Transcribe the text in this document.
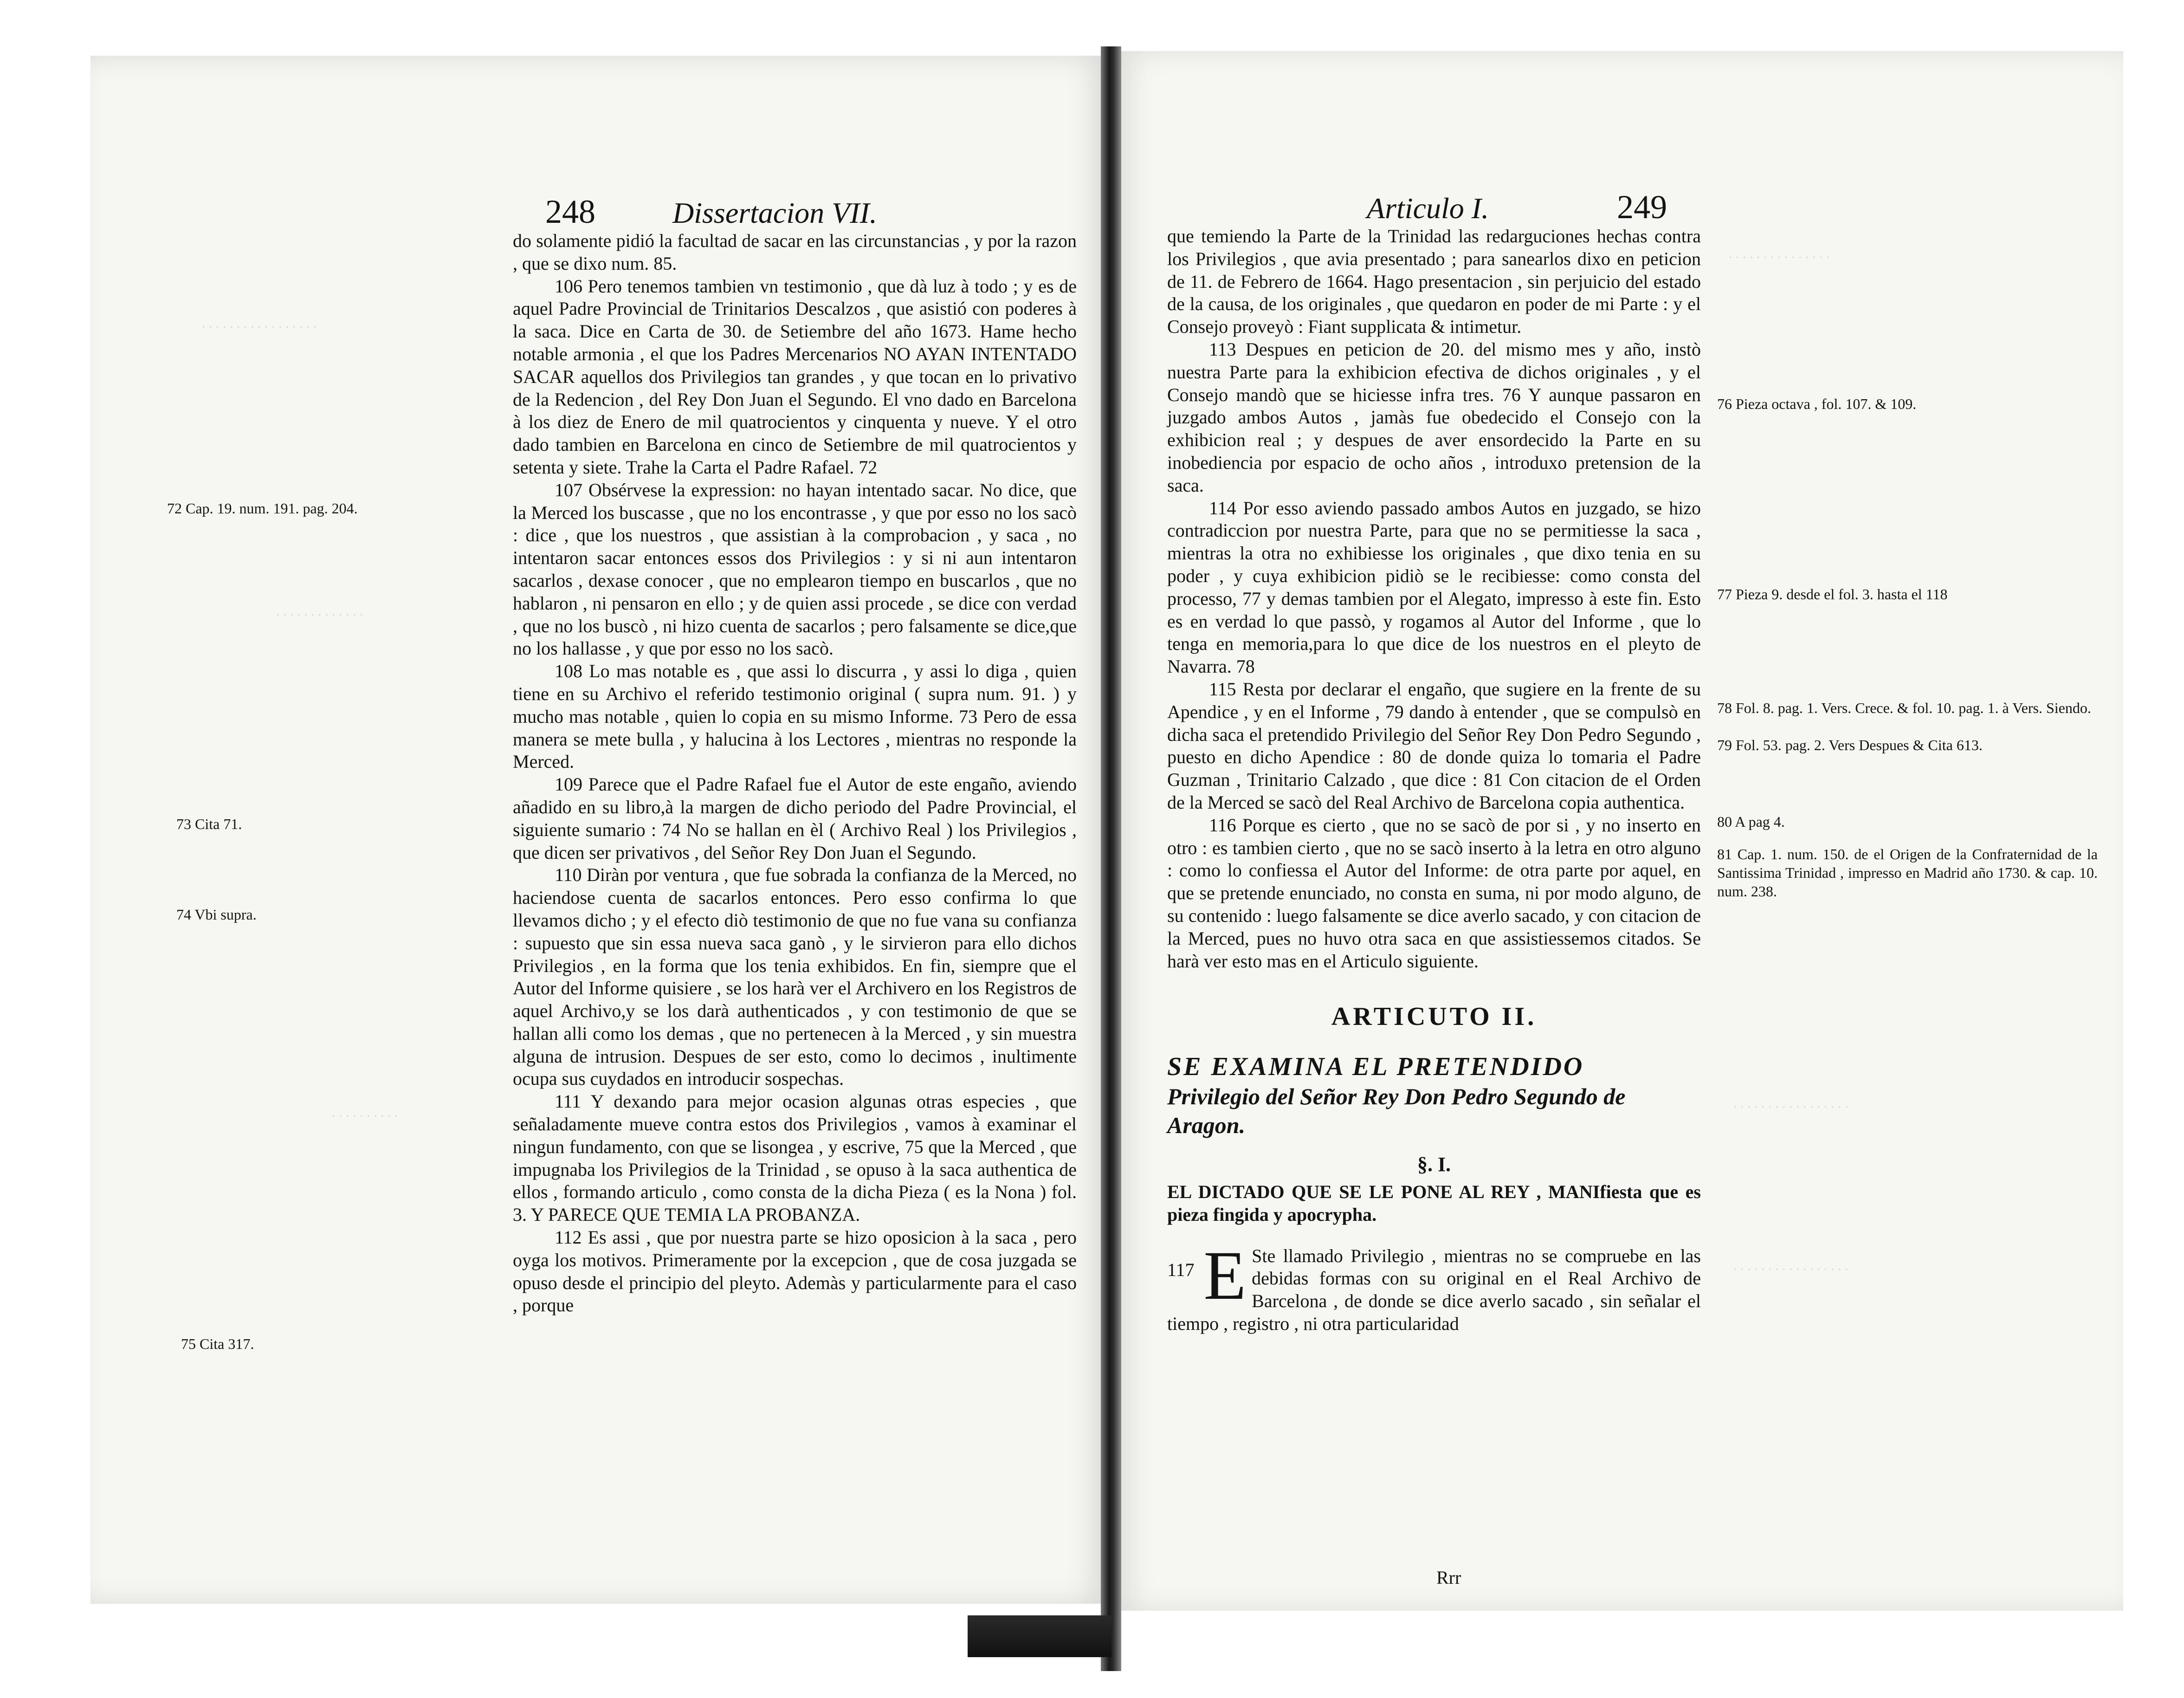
248	Dissertacion VII.

do solamente pidió la facultad de sacar en las circunstancias , y por la razon , que se dixo num. 85.

106 Pero tenemos tambien vn testimonio , que dà luz à todo ; y es de aquel Padre Provincial de Trinitarios Descalzos , que asistió con poderes à la saca. Dice en Carta de 30. de Setiembre del año 1673. Hame hecho notable armonia , el que los Padres Mercenarios NO AYAN INTENTADO SACAR aquellos dos Privilegios tan grandes , y que tocan en lo privativo de la Redencion , del Rey Don Juan el Segundo. El vno dado en Barcelona à los diez de Enero de mil quatrocientos y cinquenta y nueve. Y el otro dado tambien en Barcelona en cinco de Setiembre de mil quatrocientos y setenta y siete. Trahe la Carta el Padre Rafael. 72

107 Obsérvese la expression: no hayan intentado sacar. No dice, que la Merced los buscasse , que no los encontrasse , y que por esso no los sacò : dice , que los nuestros , que assistian à la comprobacion , y saca , no intentaron sacar entonces essos dos Privilegios : y si ni aun intentaron sacarlos , dexase conocer , que no emplearon tiempo en buscarlos , que no hablaron , ni pensaron en ello ; y de quien assi procede , se dice con verdad , que no los buscò , ni hizo cuenta de sacarlos ; pero falsamente se dice,que no los hallasse , y que por esso no los sacò.

108 Lo mas notable es , que assi lo discurra , y assi lo diga , quien tiene en su Archivo el referido testimonio original ( supra num. 91. ) y mucho mas notable , quien lo copia en su mismo Informe. 73 Pero de essa manera se mete bulla , y halucina à los Lectores , mientras no responde la Merced.

109 Parece que el Padre Rafael fue el Autor de este engaño, aviendo añadido en su libro,à la margen de dicho periodo del Padre Provincial, el siguiente sumario : 74 No se hallan en èl ( Archivo Real ) los Privilegios , que dicen ser privativos , del Señor Rey Don Juan el Segundo.

110 Diràn por ventura , que fue sobrada la confianza de la Merced, no haciendose cuenta de sacarlos entonces. Pero esso confirma lo que llevamos dicho ; y el efecto diò testimonio de que no fue vana su confianza : supuesto que sin essa nueva saca ganò , y le sirvieron para ello dichos Privilegios , en la forma que los tenia exhibidos. En fin, siempre que el Autor del Informe quisiere , se los harà ver el Archivero en los Registros de aquel Archivo,y se los darà authenticados , y con testimonio de que se hallan alli como los demas , que no pertenecen à la Merced , y sin muestra alguna de intrusion. Despues de ser esto, como lo decimos , inultimente ocupa sus cuydados en introducir sospechas.

111 Y dexando para mejor ocasion algunas otras especies , que señaladamente mueve contra estos dos Privilegios , vamos à examinar el ningun fundamento, con que se lisongea , y escrive, 75 que la Merced , que impugnaba los Privilegios de la Trinidad , se opuso à la saca authentica de ellos , formando articulo , como consta de la dicha Pieza ( es la Nona ) fol. 3. Y PARECE QUE TEMIA LA PROBANZA.

112 Es assi , que por nuestra parte se hizo oposicion à la saca , pero oyga los motivos. Primeramente por la excepcion , que de cosa juzgada se opuso desde el principio del pleyto. Ademàs y particularmente para el caso , porque

72 Cap. 19. num. 191. pag. 204.
73 Cita 71.
74 Vbi supra.
75 Cita 317.
. . . . . . . . . . . . . . . . .
. . . . . . . . . . . . .
. . . . . . . . . .
Articulo I.	249

que temiendo la Parte de la Trinidad las redarguciones hechas contra los Privilegios , que avia presentado ; para sanearlos dixo en peticion de 11. de Febrero de 1664. Hago presentacion , sin perjuicio del estado de la causa, de los originales , que quedaron en poder de mi Parte : y el Consejo proveyò : Fiant supplicata & intimetur.

113 Despues en peticion de 20. del mismo mes y año, instò nuestra Parte para la exhibicion efectiva de dichos originales , y el Consejo mandò que se hiciesse infra tres. 76 Y aunque passaron en juzgado ambos Autos , jamàs fue obedecido el Consejo con la exhibicion real ; y despues de aver ensordecido la Parte en su inobediencia por espacio de ocho años , introduxo pretension de la saca.

114 Por esso aviendo passado ambos Autos en juzgado, se hizo contradiccion por nuestra Parte, para que no se permitiesse la saca , mientras la otra no exhibiesse los originales , que dixo tenia en su poder , y cuya exhibicion pidiò se le recibiesse: como consta del processo, 77 y demas tambien por el Alegato, impresso à este fin. Esto es en verdad lo que passò, y rogamos al Autor del Informe , que lo tenga en memoria,para lo que dice de los nuestros en el pleyto de Navarra. 78

115 Resta por declarar el engaño, que sugiere en la frente de su Apendice , y en el Informe , 79 dando à entender , que se compulsò en dicha saca el pretendido Privilegio del Señor Rey Don Pedro Segundo , puesto en dicho Apendice : 80 de donde quiza lo tomaria el Padre Guzman , Trinitario Calzado , que dice : 81 Con citacion de el Orden de la Merced se sacò del Real Archivo de Barcelona copia authentica.

116 Porque es cierto , que no se sacò de por si , y no inserto en otro : es tambien cierto , que no se sacò inserto à la letra en otro alguno : como lo confiessa el Autor del Informe: de otra parte por aquel, en que se pretende enunciado, no consta en suma, ni por modo alguno, de su contenido : luego falsamente se dice averlo sacado, y con citacion de la Merced, pues no huvo otra saca en que assistiessemos citados. Se harà ver esto mas en el Articulo siguiente.

ARTICUTO II.
SE EXAMINA EL PRETENDIDO
Privilegio del Señor Rey Don Pedro Segundo de Aragon.
§. I.
EL DICTADO QUE SE LE PONE AL REY , MANIfiesta que es pieza fingida y apocrypha.

117 E Ste llamado Privilegio , mientras no se compruebe en las debidas formas con su original en el Real Archivo de Barcelona , de donde se dice averlo sacado , sin señalar el tiempo , registro , ni otra particularidad

Rrr
76 Pieza octava , fol. 107. & 109.
77 Pieza 9. desde el fol. 3. hasta el 118
78 Fol. 8. pag. 1. Vers. Crece. & fol. 10. pag. 1. à Vers. Siendo.
79 Fol. 53. pag. 2. Vers Despues & Cita 613.
80 A pag 4.
81 Cap. 1. num. 150. de el Origen de la Confraternidad de la Santissima Trinidad , impresso en Madrid año 1730. & cap. 10. num. 238.
. . . . . . . . . . . . . . .
. . . . . . . . . . . . . . . . .
. . . . . . . . . . . . . . . . .
